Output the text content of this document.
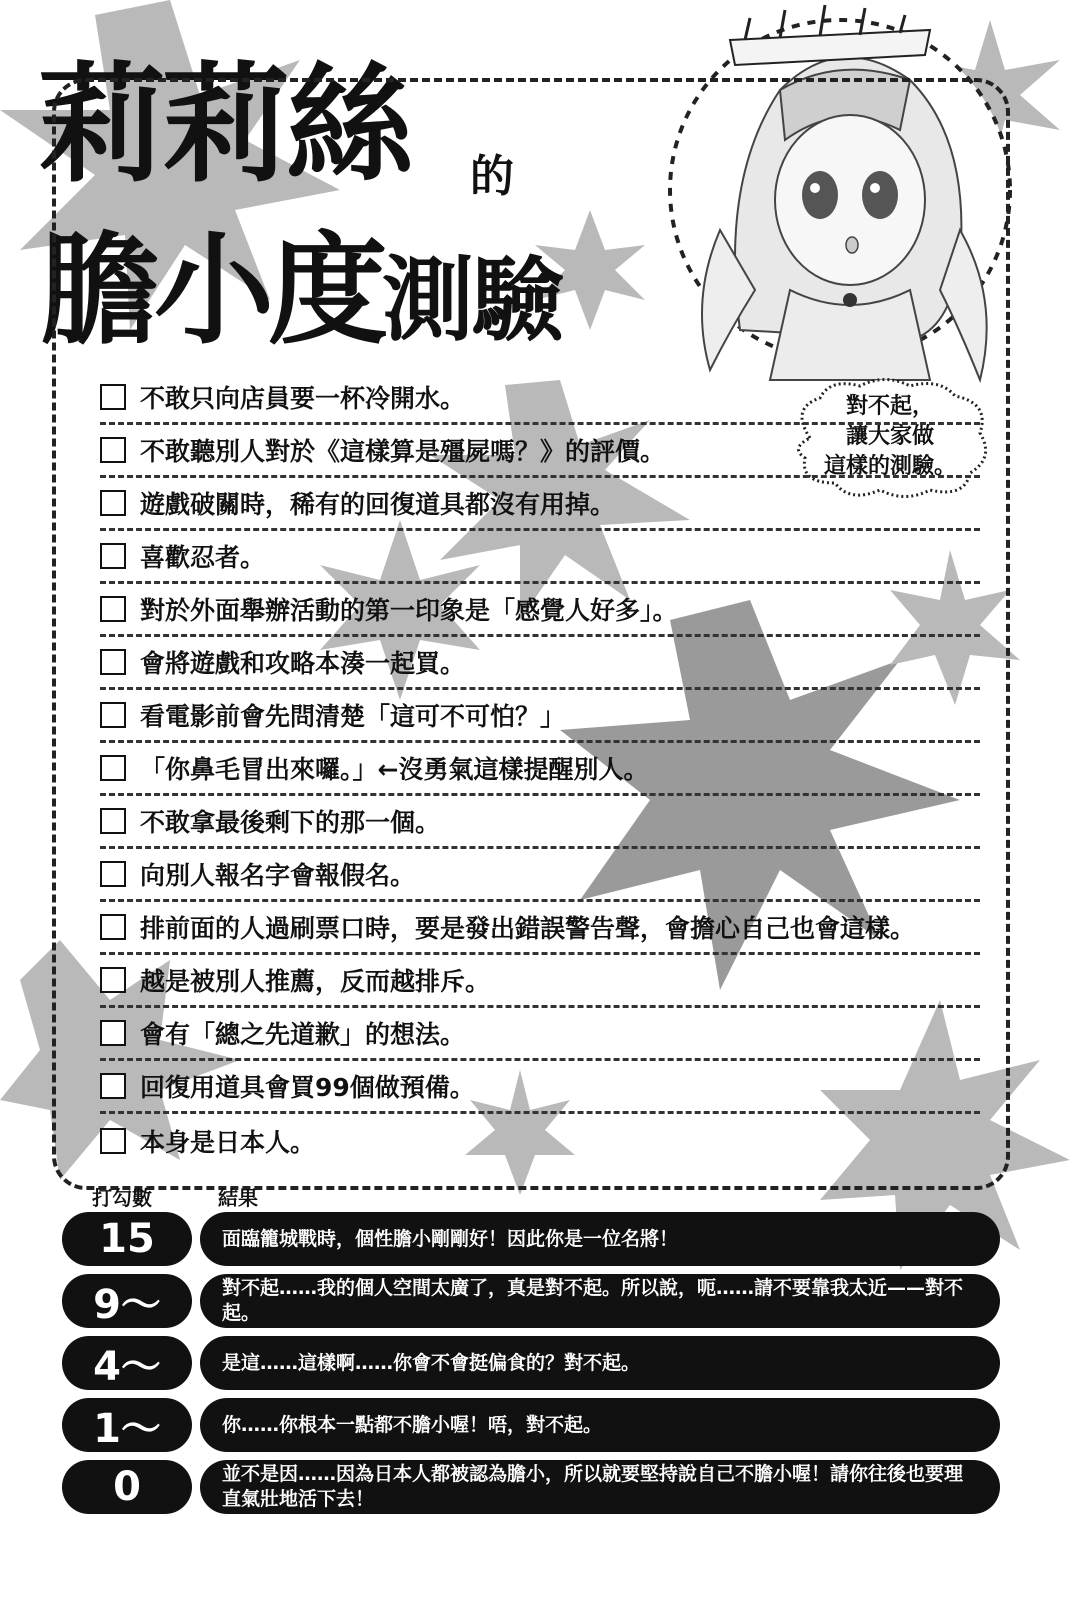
莉莉絲 的
膽小度測驗
對不起，
讓大家做
這樣的測驗。
不敢只向店員要一杯冷開水。
不敢聽別人對於《這樣算是殭屍嗎？》的評價。
遊戲破關時，稀有的回復道具都沒有用掉。
喜歡忍者。
對於外面舉辦活動的第一印象是「感覺人好多」。
會將遊戲和攻略本湊一起買。
看電影前會先問清楚「這可不可怕？」
「你鼻毛冒出來囉。」←沒勇氣這樣提醒別人。
不敢拿最後剩下的那一個。
向別人報名字會報假名。
排前面的人過刷票口時，要是發出錯誤警告聲，會擔心自己也會這樣。
越是被別人推薦，反而越排斥。
會有「總之先道歉」的想法。
回復用道具會買99個做預備。
本身是日本人。
打勾數	結果
15	面臨籠城戰時，個性膽小剛剛好！因此你是一位名將！
9～	對不起……我的個人空間太廣了，真是對不起。所以說，呃……請不要靠我太近——對不起。
4～	是這……這樣啊……你會不會挺偏食的？對不起。
1～	你……你根本一點都不膽小喔！唔，對不起。
0	並不是因……因為日本人都被認為膽小，所以就要堅持說自己不膽小喔！請你往後也要理直氣壯地活下去！
